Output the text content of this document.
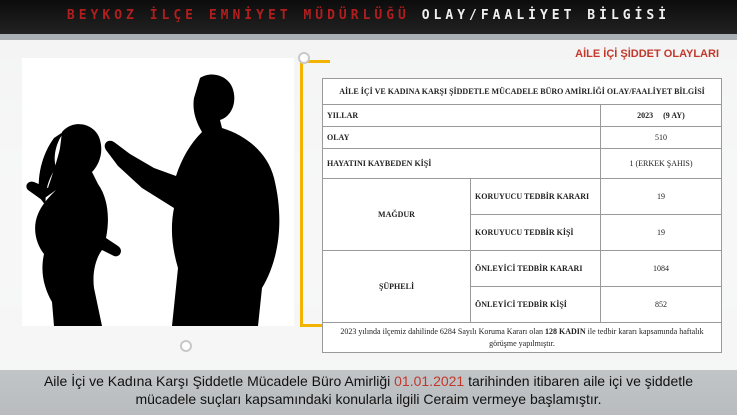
BEYKOZ İLÇE EMNİYET MÜDÜRLÜĞÜ OLAY/FAALİYET BİLGİSİ
AİLE İÇİ ŞİDDET OLAYLARI
AİLE İÇİ VE KADINA KARŞI ŞİDDETLE MÜCADELE BÜRO AMİRLİĞİ OLAY/FAALİYET BİLGİSİ		
YILLAR		2023     (9 AY)
OLAY		510
HAYATINI KAYBEDEN KİŞİ		1 (ERKEK ŞAHIS)
MAĞDUR	KORUYUCU TEDBİR KARARI	19
	KORUYUCU TEDBİR KİŞİ	19
ŞÜPHELİ	ÖNLEYİCİ TEDBİR KARARI	1084
	ÖNLEYİCİ TEDBİR KİŞİ	852
2023 yılında ilçemiz dahilinde 6284 Sayılı Koruma Kararı olan 128 KADIN ile tedbir kararı kapsamında haftalık görüşme yapılmıştır.		
Aile İçi ve Kadına Karşı Şiddetle Mücadele Büro Amirliği 01.01.2021 tarihinden itibaren aile içi ve şiddetle
mücadele suçları kapsamındaki konularla ilgili Ceraim vermeye başlamıştır.
